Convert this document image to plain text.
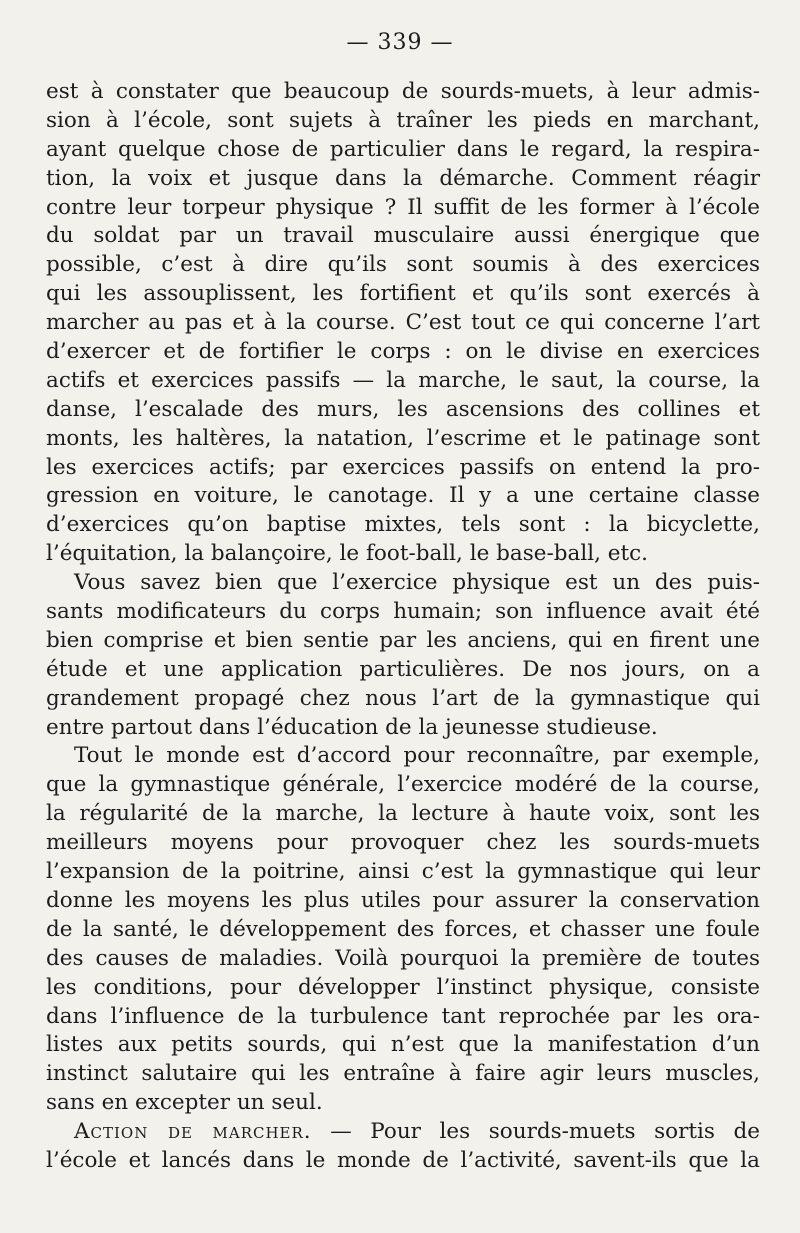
— 339 —
est à constater que beaucoup de sourds-muets, à leur admis-
sion à l’école, sont sujets à traîner les pieds en marchant,
ayant quelque chose de particulier dans le regard, la respira-
tion, la voix et jusque dans la démarche. Comment réagir
contre leur torpeur physique ? Il suffit de les former à l’école
du soldat par un travail musculaire aussi énergique que
possible, c’est à dire qu’ils sont soumis à des exercices
qui les assouplissent, les fortifient et qu’ils sont exercés à
marcher au pas et à la course. C’est tout ce qui concerne l’art
d’exercer et de fortifier le corps : on le divise en exercices
actifs et exercices passifs — la marche, le saut, la course, la
danse, l’escalade des murs, les ascensions des collines et
monts, les haltères, la natation, l’escrime et le patinage sont
les exercices actifs; par exercices passifs on entend la pro-
gression en voiture, le canotage. Il y a une certaine classe
d’exercices qu’on baptise mixtes, tels sont : la bicyclette,
l’équitation, la balançoire, le foot-ball, le base-ball, etc.
Vous savez bien que l’exercice physique est un des puis-
sants modificateurs du corps humain; son influence avait été
bien comprise et bien sentie par les anciens, qui en firent une
étude et une application particulières. De nos jours, on a
grandement propagé chez nous l’art de la gymnastique qui
entre partout dans l’éducation de la jeunesse studieuse.
Tout le monde est d’accord pour reconnaître, par exemple,
que la gymnastique générale, l’exercice modéré de la course,
la régularité de la marche, la lecture à haute voix, sont les
meilleurs moyens pour provoquer chez les sourds-muets
l’expansion de la poitrine, ainsi c’est la gymnastique qui leur
donne les moyens les plus utiles pour assurer la conservation
de la santé, le développement des forces, et chasser une foule
des causes de maladies. Voilà pourquoi la première de toutes
les conditions, pour développer l’instinct physique, consiste
dans l’influence de la turbulence tant reprochée par les ora-
listes aux petits sourds, qui n’est que la manifestation d’un
instinct salutaire qui les entraîne à faire agir leurs muscles,
sans en excepter un seul.
Action de marcher. — Pour les sourds-muets sortis de
l’école et lancés dans le monde de l’activité, savent-ils que la
